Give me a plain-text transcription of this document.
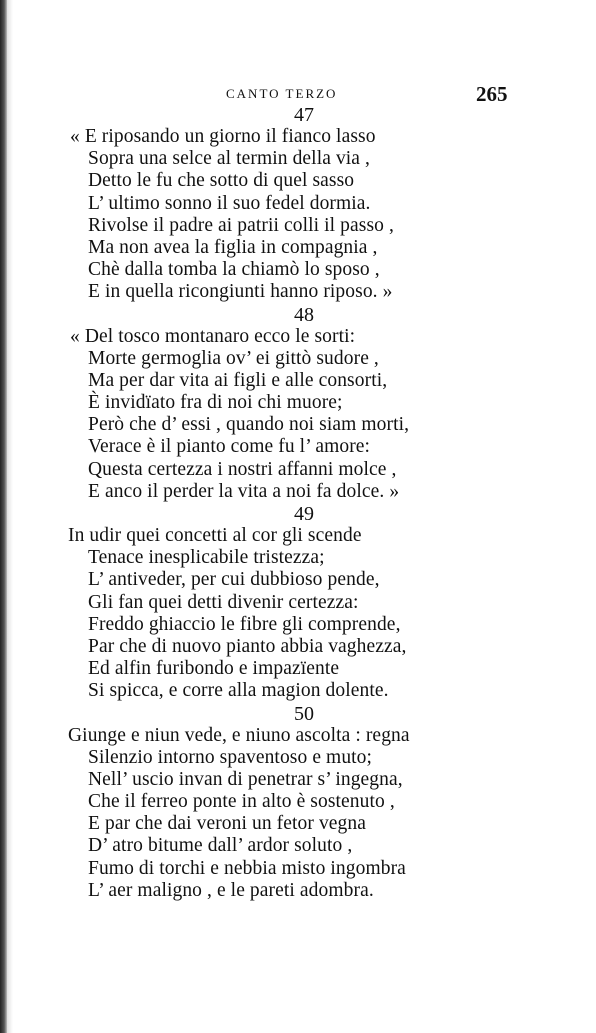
CANTO TERZO	265
47
« E riposando un giorno il fianco lasso
Sopra una selce al termin della via ,
Detto le fu che sotto di quel sasso
L’ ultimo sonno il suo fedel dormia.
Rivolse il padre ai patrii colli il passo ,
Ma non avea la figlia in compagnia ,
Chè dalla tomba la chiamò lo sposo ,
E in quella ricongiunti hanno riposo. »
48
« Del tosco montanaro ecco le sorti:
Morte germoglia ov’ ei gittò sudore ,
Ma per dar vita ai figli e alle consorti,
È invidïato fra di noi chi muore;
Però che d’ essi , quando noi siam morti,
Verace è il pianto come fu l’ amore:
Questa certezza i nostri affanni molce ,
E anco il perder la vita a noi fa dolce. »
49
In udir quei concetti al cor gli scende
Tenace inesplicabile tristezza;
L’ antiveder, per cui dubbioso pende,
Gli fan quei detti divenir certezza:
Freddo ghiaccio le fibre gli comprende,
Par che di nuovo pianto abbia vaghezza,
Ed alfin furibondo e impazïente
Si spicca, e corre alla magion dolente.
50
Giunge e niun vede, e niuno ascolta : regna
Silenzio intorno spaventoso e muto;
Nell’ uscio invan di penetrar s’ ingegna,
Che il ferreo ponte in alto è sostenuto ,
E par che dai veroni un fetor vegna
D’ atro bitume dall’ ardor soluto ,
Fumo di torchi e nebbia misto ingombra
L’ aer maligno , e le pareti adombra.
